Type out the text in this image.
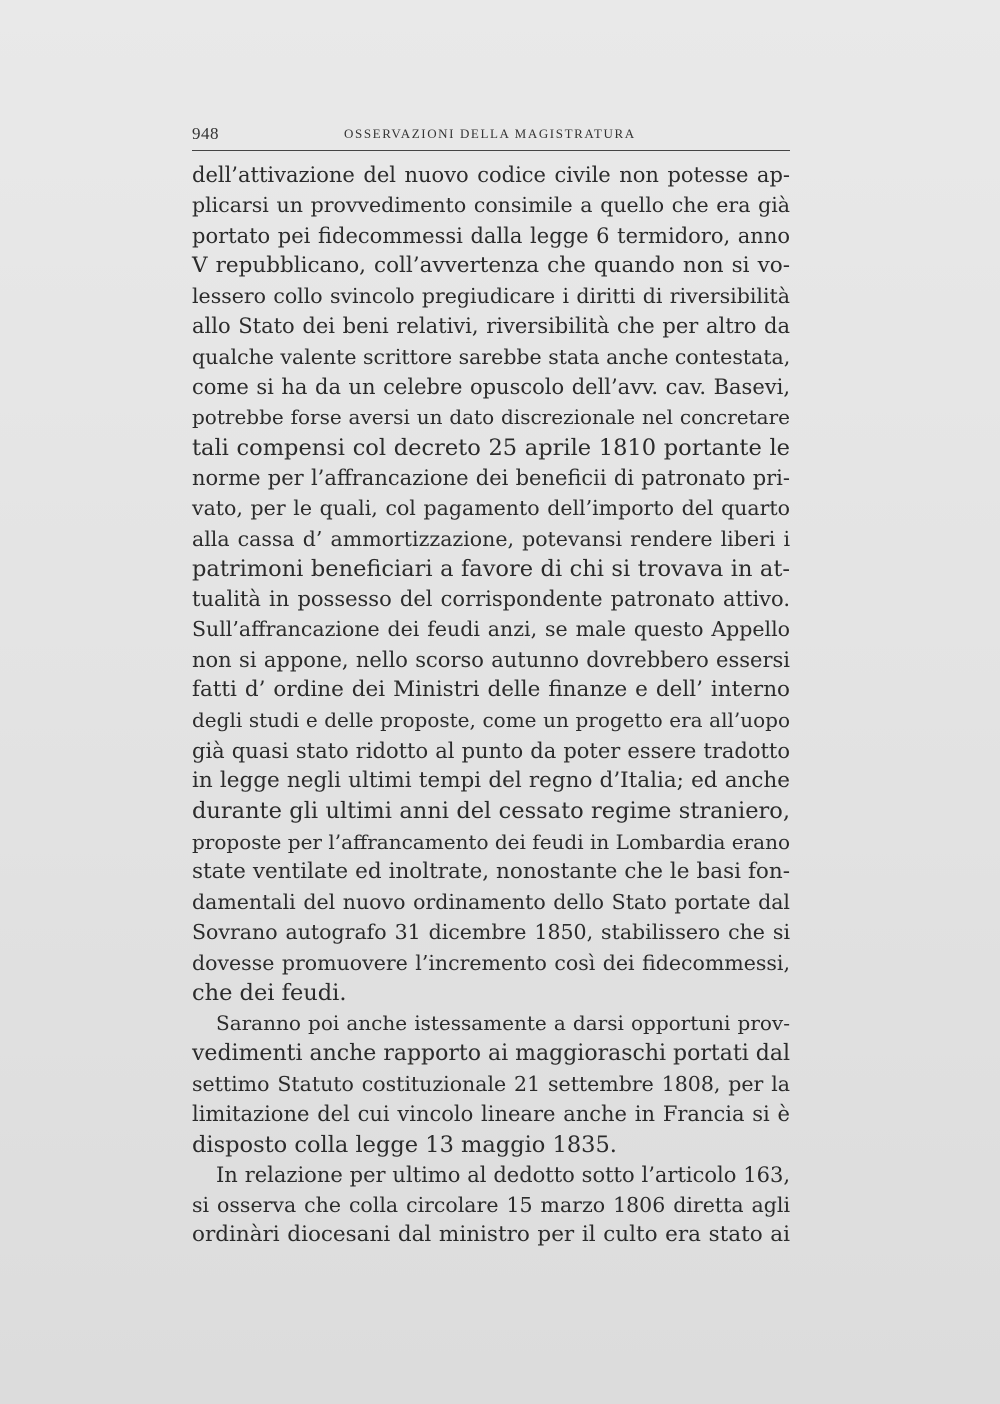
948	OSSERVAZIONI DELLA MAGISTRATURA
dell’attivazione del nuovo codice civile non potesse ap-
plicarsi un provvedimento consimile a quello che era già
portato pei fidecommessi dalla legge 6 termidoro, anno
V repubblicano, coll’avvertenza che quando non si vo-
lessero collo svincolo pregiudicare i diritti di riversibilità
allo Stato dei beni relativi, riversibilità che per altro da
qualche valente scrittore sarebbe stata anche contestata,
come si ha da un celebre opuscolo dell’avv. cav. Basevi,
potrebbe forse aversi un dato discrezionale nel concretare
tali compensi col decreto 25 aprile 1810 portante le
norme per l’affrancazione dei beneficii di patronato pri-
vato, per le quali, col pagamento dell’importo del quarto
alla cassa d’ ammortizzazione, potevansi rendere liberi i
patrimoni beneficiari a favore di chi si trovava in at-
tualità in possesso del corrispondente patronato attivo.
Sull’affrancazione dei feudi anzi, se male questo Appello
non si appone, nello scorso autunno dovrebbero essersi
fatti d’ ordine dei Ministri delle finanze e dell’ interno
degli studi e delle proposte, come un progetto era all’uopo
già quasi stato ridotto al punto da poter essere tradotto
in legge negli ultimi tempi del regno d’Italia; ed anche
durante gli ultimi anni del cessato regime straniero,
proposte per l’affrancamento dei feudi in Lombardia erano
state ventilate ed inoltrate, nonostante che le basi fon-
damentali del nuovo ordinamento dello Stato portate dal
Sovrano autografo 31 dicembre 1850, stabilissero che si
dovesse promuovere l’incremento così dei fidecommessi,
che dei feudi.
Saranno poi anche istessamente a darsi opportuni prov-
vedimenti anche rapporto ai maggioraschi portati dal
settimo Statuto costituzionale 21 settembre 1808, per la
limitazione del cui vincolo lineare anche in Francia si è
disposto colla legge 13 maggio 1835.
In relazione per ultimo al dedotto sotto l’articolo 163,
si osserva che colla circolare 15 marzo 1806 diretta agli
ordinàri diocesani dal ministro per il culto era stato ai
